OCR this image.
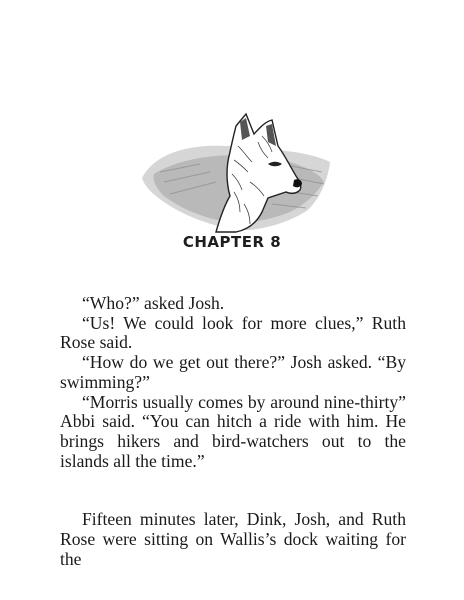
CHAPTER 8

“Who?” asked Josh.

“Us! We could look for more clues,” Ruth Rose said.

“How do we get out there?” Josh asked. “By swimming?”

“Morris usually comes by around nine-thirty” Abbi said. “You can hitch a ride with him. He brings hikers and bird-watchers out to the islands all the time.”

Fifteen minutes later, Dink, Josh, and Ruth Rose were sitting on Wallis’s dock waiting for the
